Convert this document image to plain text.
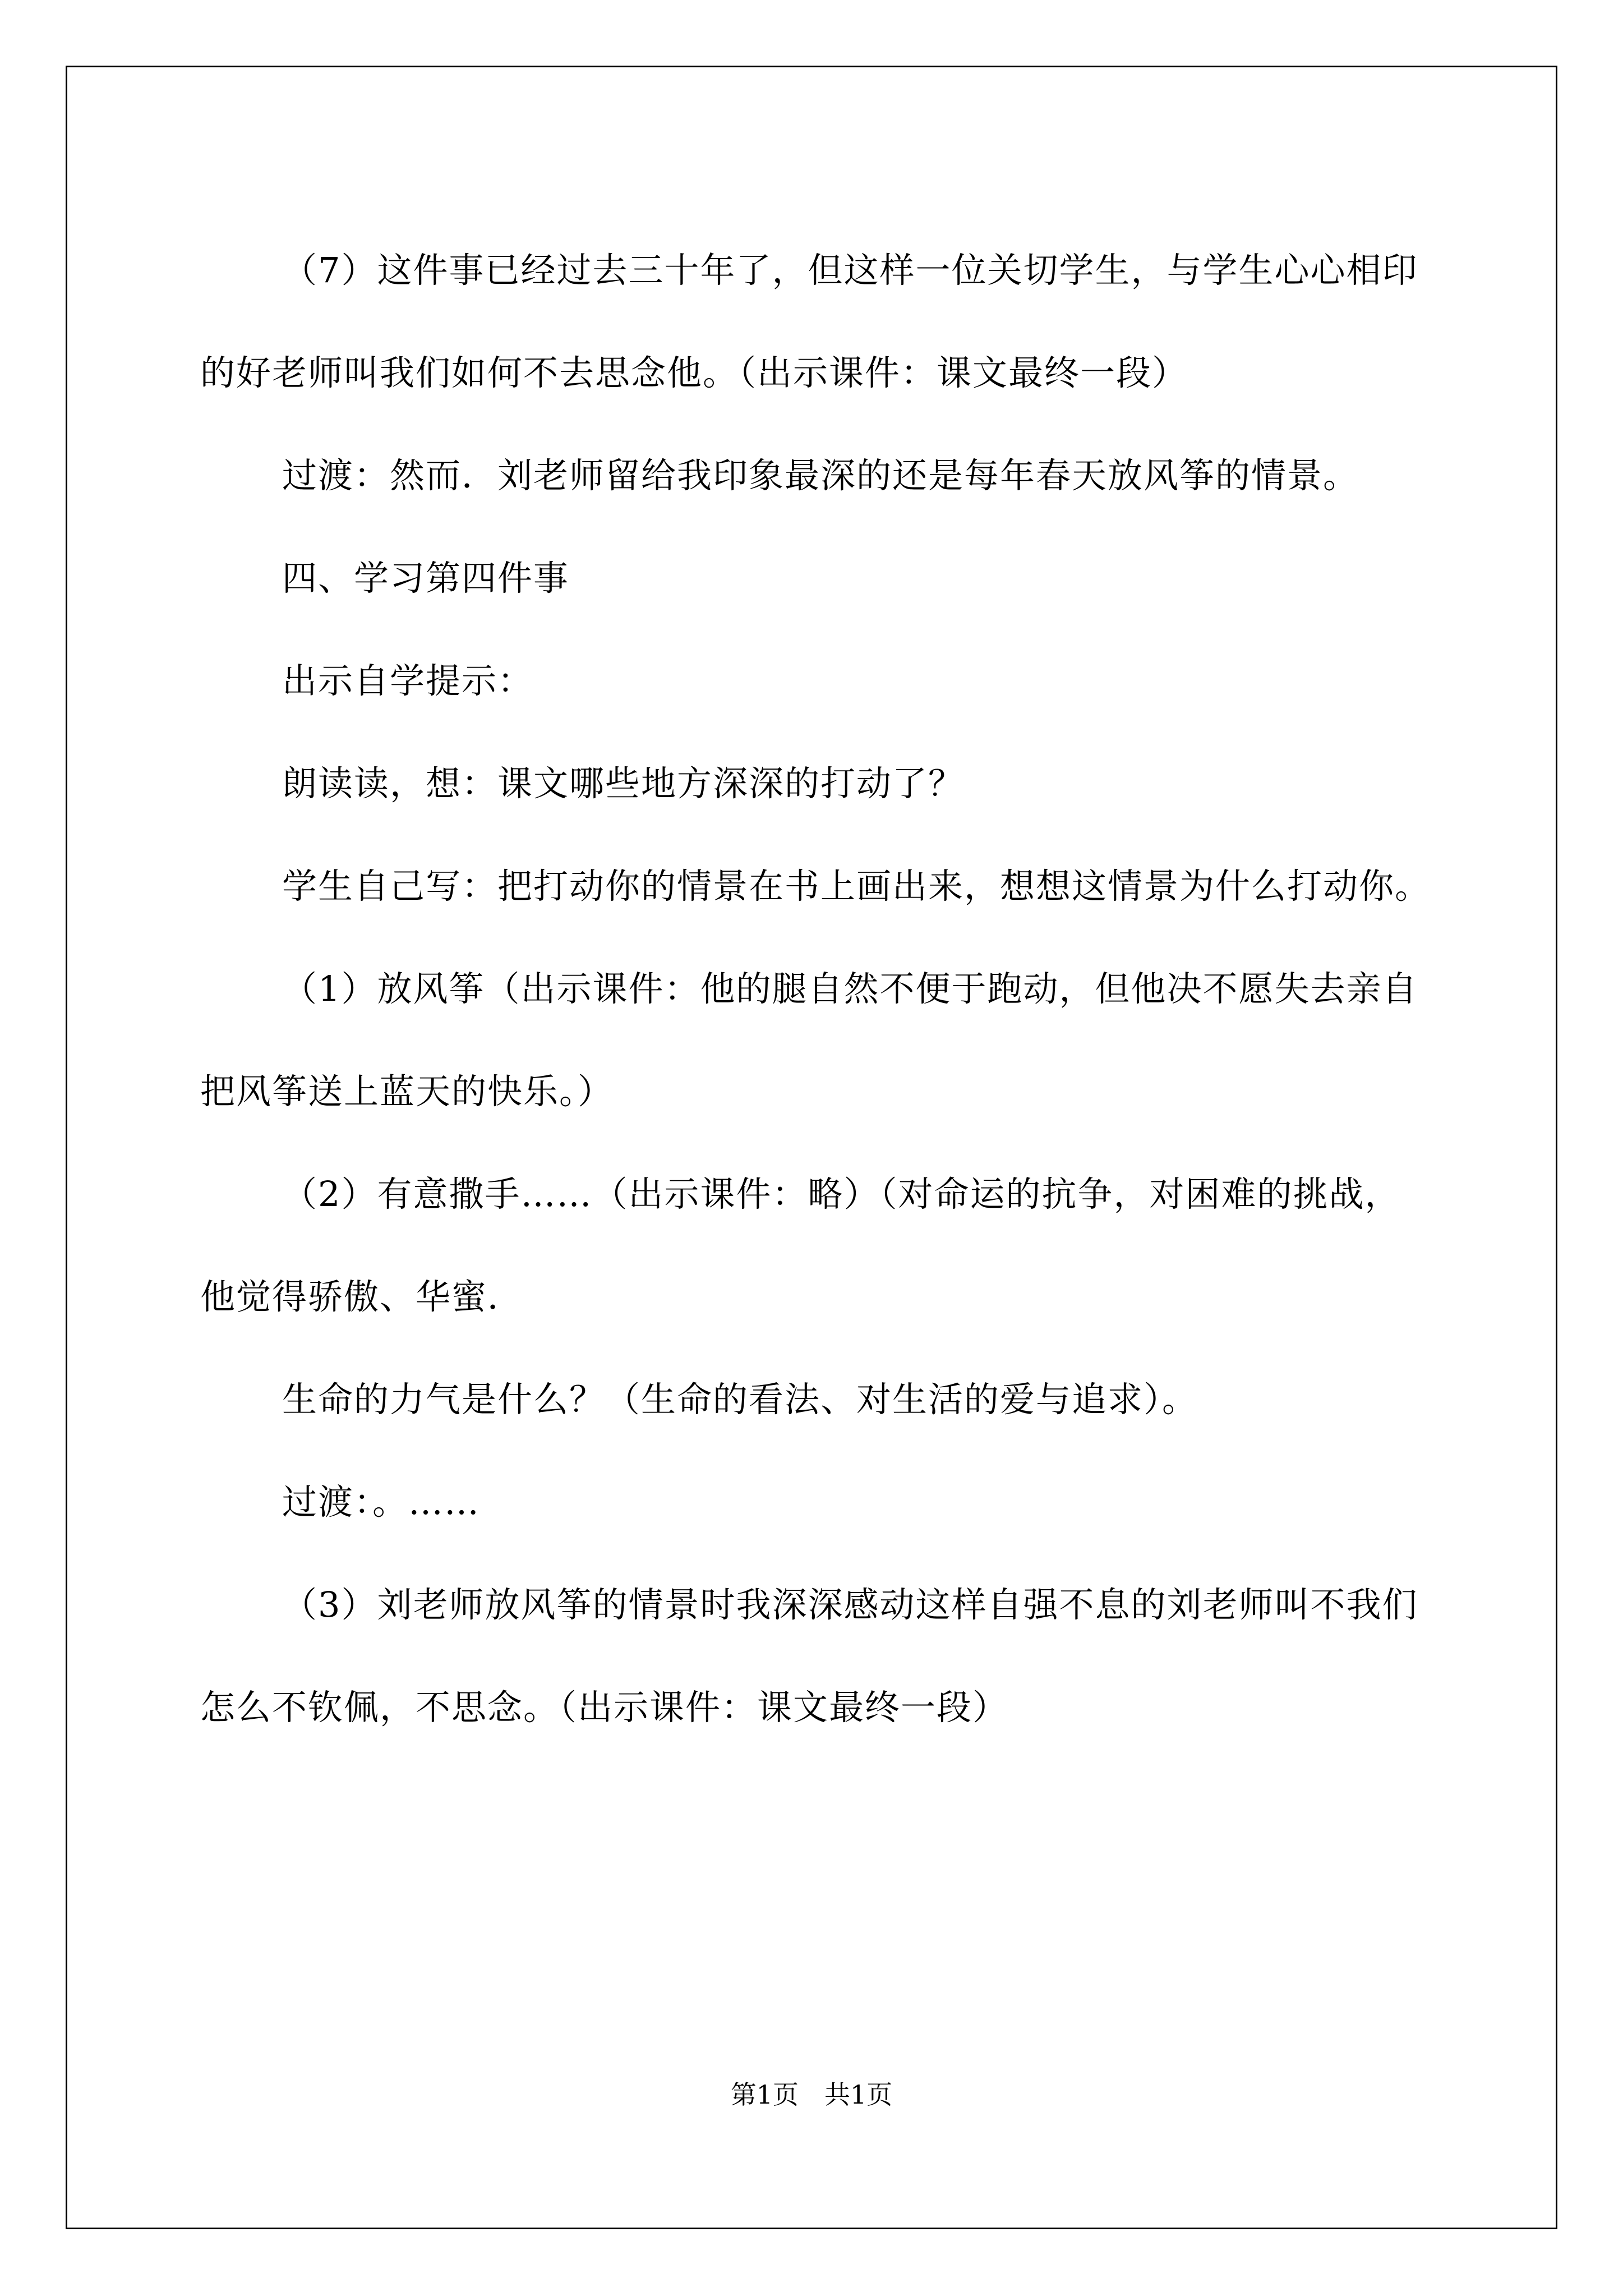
（7）这件事已经过去三十年了，但这样一位关切学生，与学生心心相印的好老师叫我们如何不去思念他。（出示课件：课文最终一段）

过渡：然而．刘老师留给我印象最深的还是每年春天放风筝的情景。

四、学习第四件事

出示自学提示：

朗读读，想：课文哪些地方深深的打动了？

学生自己写：把打动你的情景在书上画出来，想想这情景为什么打动你。

（1）放风筝（出示课件：他的腿自然不便于跑动，但他决不愿失去亲自把风筝送上蓝天的快乐。）

（2）有意撒手……（出示课件：略）（对命运的抗争，对困难的挑战，他觉得骄傲、华蜜．

生命的力气是什么？（生命的看法、对生活的爱与追求）。

过渡：。……

（3）刘老师放风筝的情景时我深深感动这样自强不息的刘老师叫不我们怎么不钦佩，不思念。（出示课件：课文最终一段）

第1页　共1页
